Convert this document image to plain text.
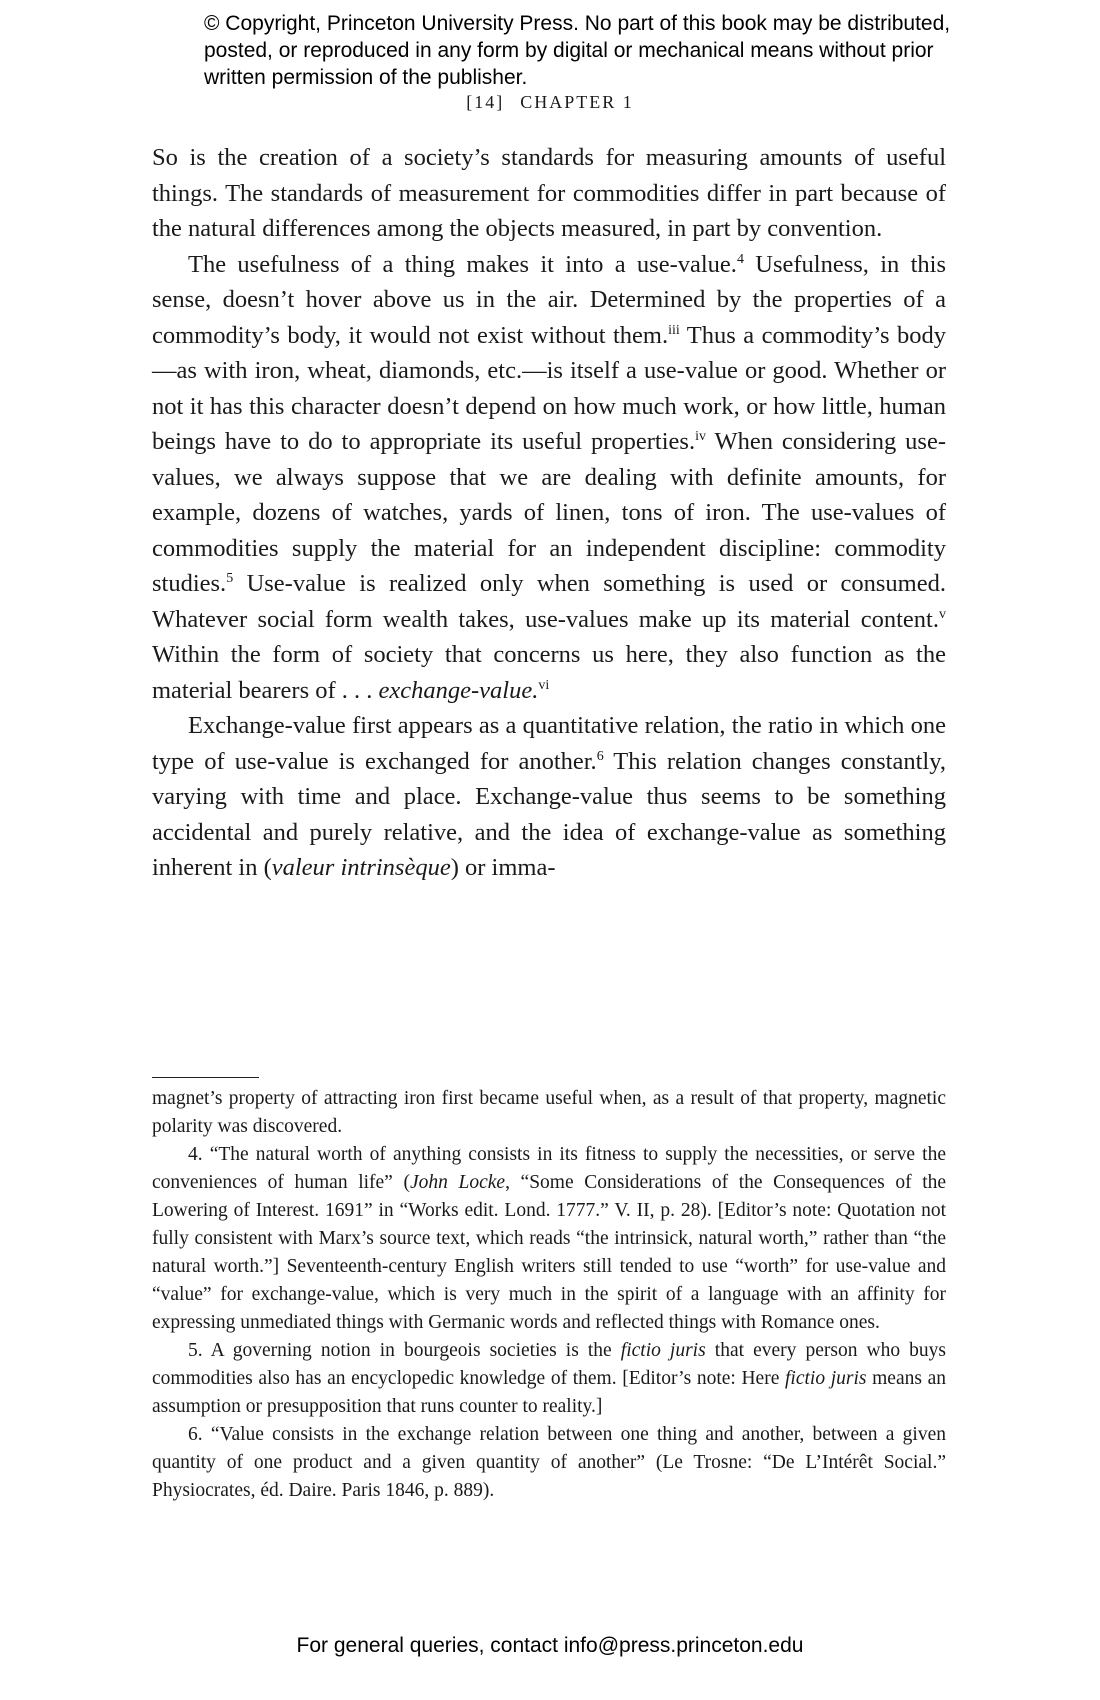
© Copyright, Princeton University Press. No part of this book may be distributed, posted, or reproduced in any form by digital or mechanical means without prior written permission of the publisher.

[14] CHAPTER 1

So is the creation of a society’s standards for measuring amounts of useful things. The standards of measurement for commodities differ in part because of the natural differences among the objects measured, in part by convention.

The usefulness of a thing makes it into a use-value.$^4$ Usefulness, in this sense, doesn’t hover above us in the air. Determined by the properties of a commodity’s body, it would not exist without them.$^{iii}$ Thus a commodity’s body—as with iron, wheat, diamonds, etc.—is itself a use-value or good. Whether or not it has this character doesn’t depend on how much work, or how little, human beings have to do to appropriate its useful properties.$^{iv}$ When considering use-values, we always suppose that we are dealing with definite amounts, for example, dozens of watches, yards of linen, tons of iron. The use-values of commodities supply the material for an independent discipline: commodity studies.$^5$ Use-value is realized only when something is used or consumed. Whatever social form wealth takes, use-values make up its material content.$^v$ Within the form of society that concerns us here, they also function as the material bearers of . . . exchange-value.$^{vi}$

Exchange-value first appears as a quantitative relation, the ratio in which one type of use-value is exchanged for another.$^6$ This relation changes constantly, varying with time and place. Exchange-value thus seems to be something accidental and purely relative, and the idea of exchange-value as something inherent in (valeur intrinsèque) or imma-

magnet’s property of attracting iron first became useful when, as a result of that property, magnetic polarity was discovered.

4. “The natural worth of anything consists in its fitness to supply the necessities, or serve the conveniences of human life” (John Locke, “Some Considerations of the Consequences of the Lowering of Interest. 1691” in “Works edit. Lond. 1777.” V. II, p. 28). [Editor’s note: Quotation not fully consistent with Marx’s source text, which reads “the intrinsick, natural worth,” rather than “the natural worth.”] Seventeenth-century English writers still tended to use “worth” for use-value and “value” for exchange-value, which is very much in the spirit of a language with an affinity for expressing unmediated things with Germanic words and reflected things with Romance ones.

5. A governing notion in bourgeois societies is the fictio juris that every person who buys commodities also has an encyclopedic knowledge of them. [Editor’s note: Here fictio juris means an assumption or presupposition that runs counter to reality.]

6. “Value consists in the exchange relation between one thing and another, between a given quantity of one product and a given quantity of another” (Le Trosne: “De L’Intérêt Social.” Physiocrates, éd. Daire. Paris 1846, p. 889).

For general queries, contact info@press.princeton.edu
